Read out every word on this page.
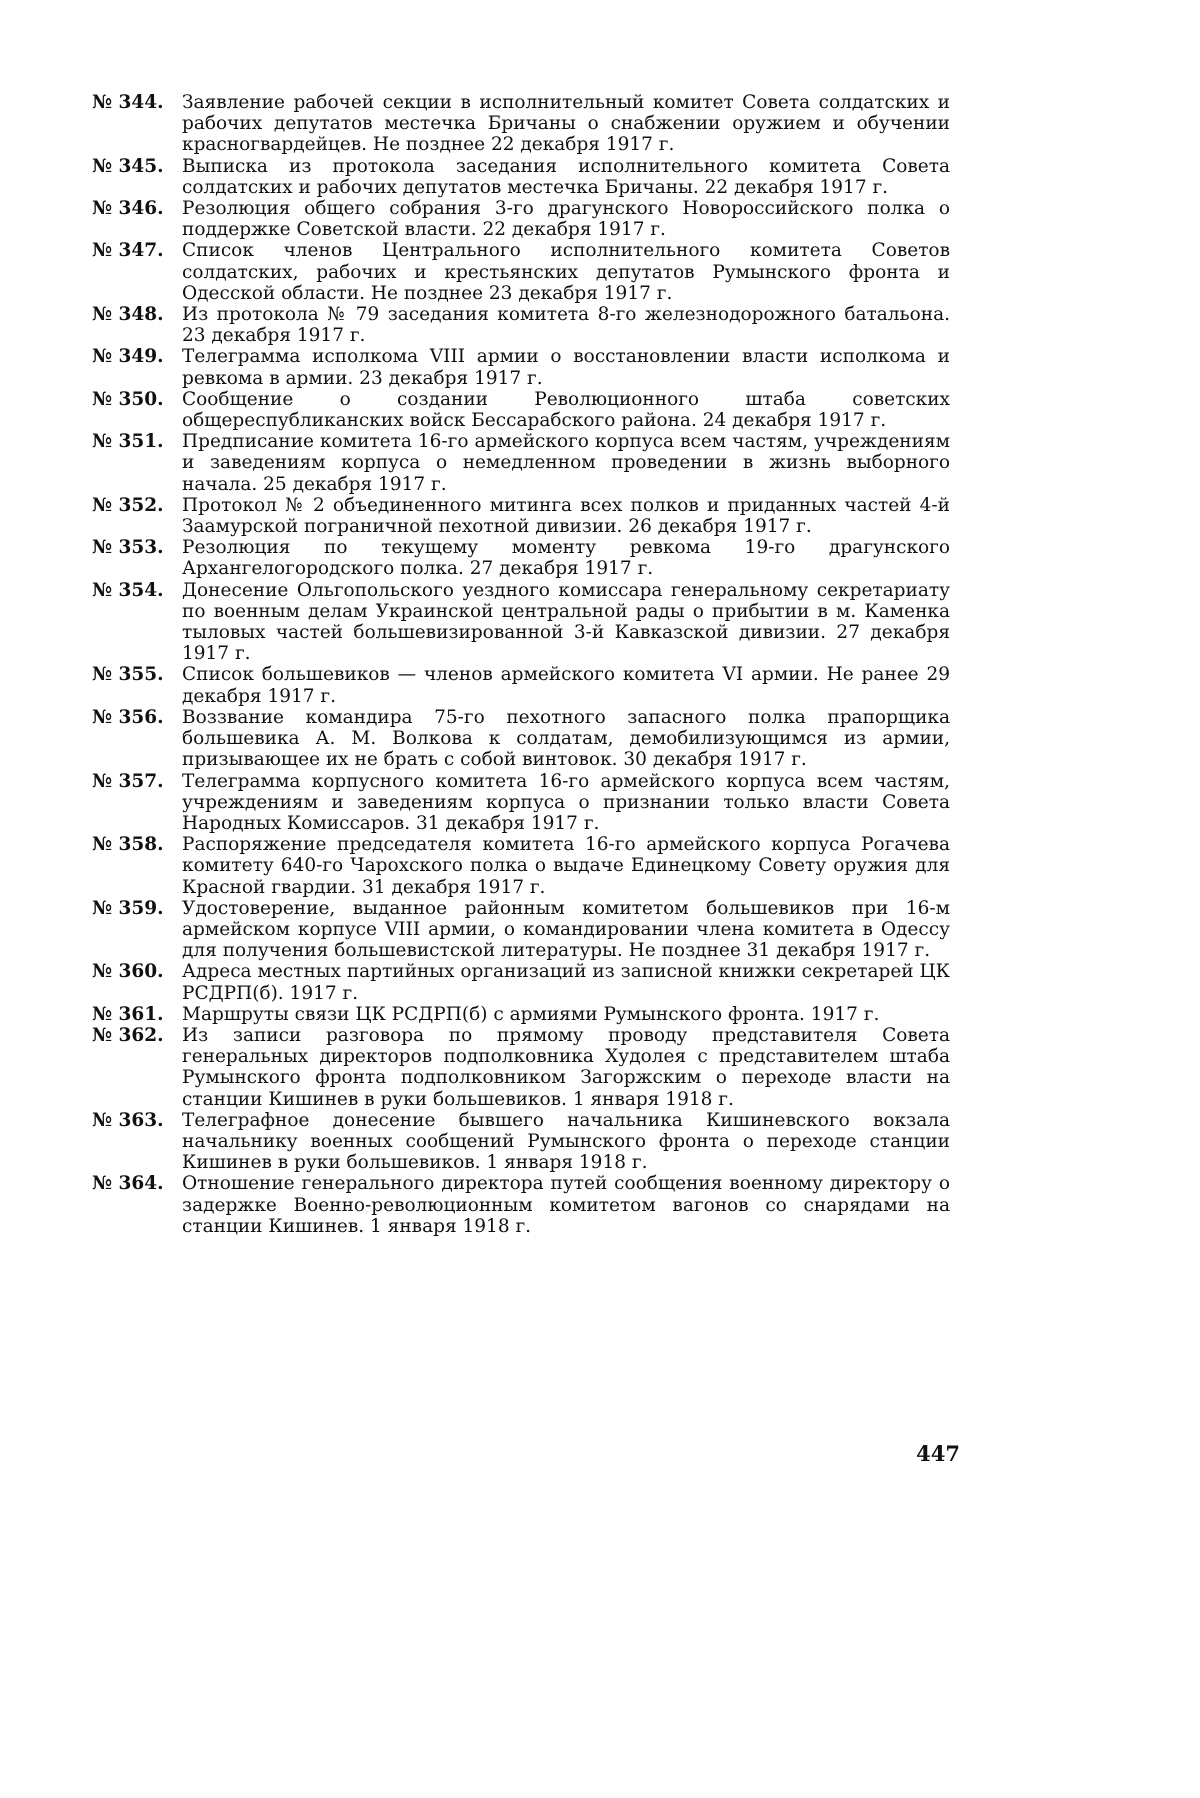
№ 344. Заявление рабочей секции в исполнительный комитет Совета солдатских и рабочих депутатов местечка Бричаны о снабжении оружием и обучении красногвардейцев. Не позднее 22 декабря 1917 г.
№ 345. Выписка из протокола заседания исполнительного комитета Совета солдатских и рабочих депутатов местечка Бричаны. 22 декабря 1917 г.
№ 346. Резолюция общего собрания 3-го драгунского Новороссийского полка о поддержке Советской власти. 22 декабря 1917 г.
№ 347. Список членов Центрального исполнительного комитета Советов солдатских, рабочих и крестьянских депутатов Румынского фронта и Одесской области. Не позднее 23 декабря 1917 г.
№ 348. Из протокола № 79 заседания комитета 8-го железнодорожного батальона. 23 декабря 1917 г.
№ 349. Телеграмма исполкома VIII армии о восстановлении власти исполкома и ревкома в армии. 23 декабря 1917 г.
№ 350. Сообщение о создании Революционного штаба советских общереспубликанских войск Бессарабского района. 24 декабря 1917 г.
№ 351. Предписание комитета 16-го армейского корпуса всем частям, учреждениям и заведениям корпуса о немедленном проведении в жизнь выборного начала. 25 декабря 1917 г.
№ 352. Протокол № 2 объединенного митинга всех полков и приданных частей 4-й Заамурской пограничной пехотной дивизии. 26 декабря 1917 г.
№ 353. Резолюция по текущему моменту ревкома 19-го драгунского Архангелогородского полка. 27 декабря 1917 г.
№ 354. Донесение Ольгопольского уездного комиссара генеральному секретариату по военным делам Украинской центральной рады о прибытии в м. Каменка тыловых частей большевизированной 3-й Кавказской дивизии. 27 декабря 1917 г.
№ 355. Список большевиков — членов армейского комитета VI армии. Не ранее 29 декабря 1917 г.
№ 356. Воззвание командира 75-го пехотного запасного полка прапорщика большевика А. М. Волкова к солдатам, демобилизующимся из армии, призывающее их не брать с собой винтовок. 30 декабря 1917 г.
№ 357. Телеграмма корпусного комитета 16-го армейского корпуса всем частям, учреждениям и заведениям корпуса о признании только власти Совета Народных Комиссаров. 31 декабря 1917 г.
№ 358. Распоряжение председателя комитета 16-го армейского корпуса Рогачева комитету 640-го Чарохского полка о выдаче Единецкому Совету оружия для Красной гвардии. 31 декабря 1917 г.
№ 359. Удостоверение, выданное районным комитетом большевиков при 16-м армейском корпусе VIII армии, о командировании члена комитета в Одессу для получения большевистской литературы. Не позднее 31 декабря 1917 г.
№ 360. Адреса местных партийных организаций из записной книжки секретарей ЦК РСДРП(б). 1917 г.
№ 361. Маршруты связи ЦК РСДРП(б) с армиями Румынского фронта. 1917 г.
№ 362. Из записи разговора по прямому проводу представителя Совета генеральных директоров подполковника Худолея с представителем штаба Румынского фронта подполковником Загоржским о переходе власти на станции Кишинев в руки большевиков. 1 января 1918 г.
№ 363. Телеграфное донесение бывшего начальника Кишиневского вокзала начальнику военных сообщений Румынского фронта о переходе станции Кишинев в руки большевиков. 1 января 1918 г.
№ 364. Отношение генерального директора путей сообщения военному директору о задержке Военно-революционным комитетом вагонов со снарядами на станции Кишинев. 1 января 1918 г.
447
